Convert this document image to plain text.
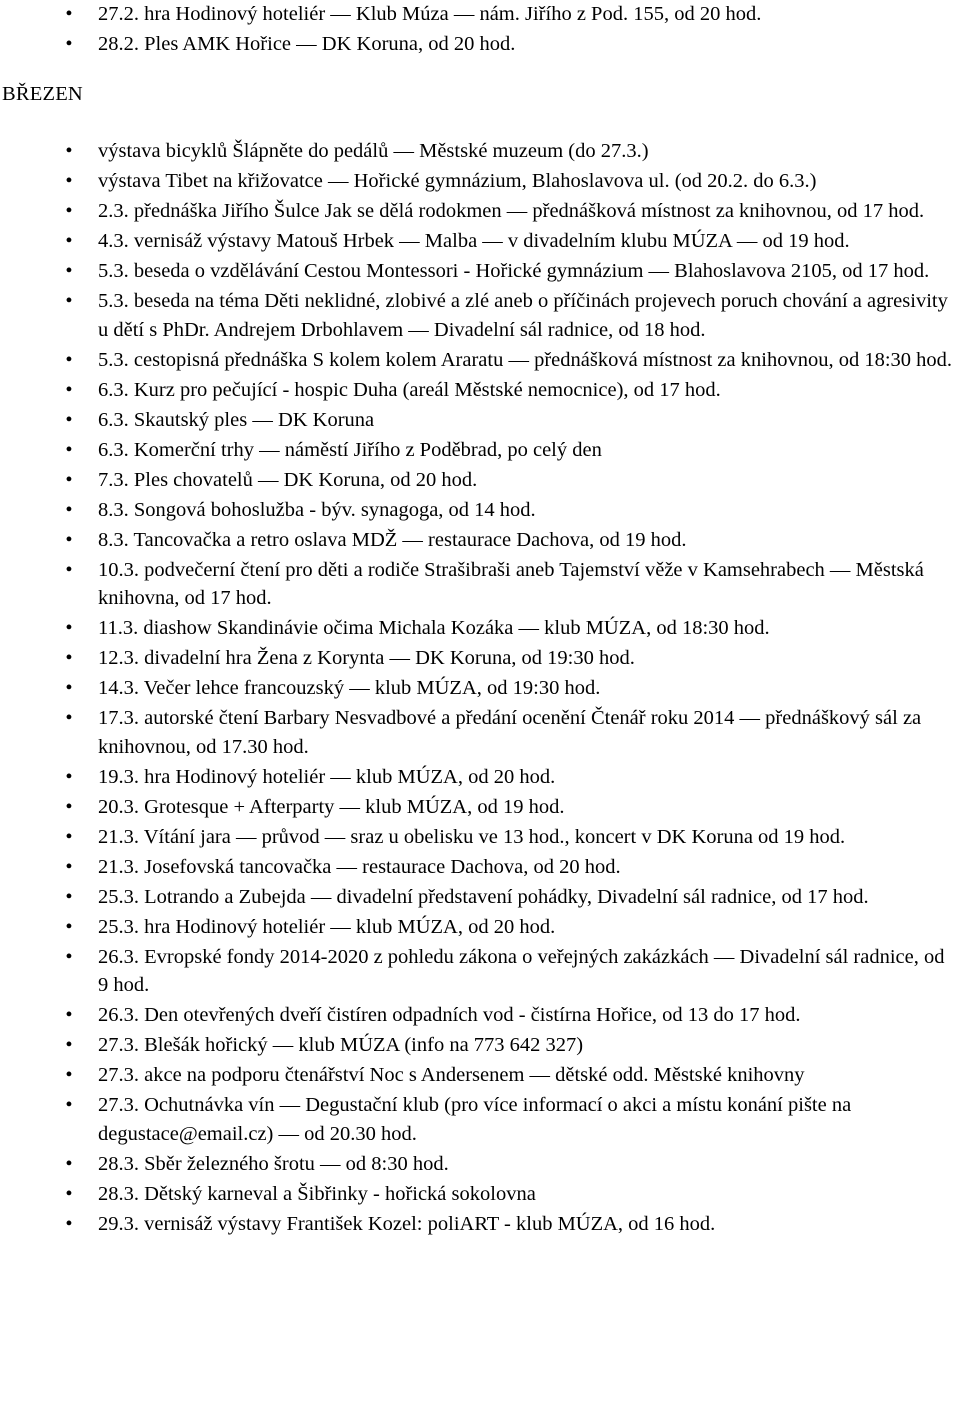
• 27.2. hra Hodinový hoteliér — Klub Múza — nám. Jiřího z Pod. 155, od 20 hod.
• 28.2. Ples AMK Hořice — DK Koruna, od 20 hod.
BŘEZEN
• výstava bicyklů Šlápněte do pedálů — Městské muzeum (do 27.3.)
• výstava Tibet na křižovatce — Hořické gymnázium, Blahoslavova ul. (od 20.2. do 6.3.)
• 2.3. přednáška Jiřího Šulce Jak se dělá rodokmen — přednášková místnost za knihovnou, od 17 hod.
• 4.3. vernisáž výstavy Matouš Hrbek — Malba — v divadelním klubu MÚZA — od 19 hod.
• 5.3. beseda o vzdělávání Cestou Montessori - Hořické gymnázium — Blahoslavova 2105, od 17 hod.
• 5.3. beseda na téma Děti neklidné, zlobivé a zlé aneb o příčinách projevech poruch chování a agresivity u dětí s PhDr. Andrejem Drbohlavem — Divadelní sál radnice, od 18 hod.
• 5.3. cestopisná přednáška S kolem kolem Araratu — přednášková místnost za knihovnou, od 18:30 hod.
• 6.3. Kurz pro pečující - hospic Duha (areál Městské nemocnice), od 17 hod.
• 6.3. Skautský ples — DK Koruna
• 6.3. Komerční trhy — náměstí Jiřího z Poděbrad, po celý den
• 7.3. Ples chovatelů — DK Koruna, od 20 hod.
• 8.3. Songová bohoslužba - býv. synagoga, od 14 hod.
• 8.3. Tancovačka a retro oslava MDŽ — restaurace Dachova, od 19 hod.
• 10.3. podvečerní čtení pro děti a rodiče Strašibraši aneb Tajemství věže v Kamsehrabech — Městská knihovna, od 17 hod.
• 11.3. diashow Skandinávie očima Michala Kozáka — klub MÚZA, od 18:30 hod.
• 12.3. divadelní hra Žena z Korynta — DK Koruna, od 19:30 hod.
• 14.3. Večer lehce francouzský — klub MÚZA, od 19:30 hod.
• 17.3. autorské čtení Barbary Nesvadbové a předání ocenění Čtenář roku 2014 — přednáškový sál za knihovnou, od 17.30 hod.
• 19.3. hra Hodinový hoteliér — klub MÚZA, od 20 hod.
• 20.3. Grotesque + Afterparty — klub MÚZA, od 19 hod.
• 21.3. Vítání jara — průvod — sraz u obelisku ve 13 hod., koncert v DK Koruna od 19 hod.
• 21.3. Josefovská tancovačka — restaurace Dachova, od 20 hod.
• 25.3. Lotrando a Zubejda — divadelní představení pohádky, Divadelní sál radnice, od 17 hod.
• 25.3. hra Hodinový hoteliér — klub MÚZA, od 20 hod.
• 26.3. Evropské fondy 2014-2020 z pohledu zákona o veřejných zakázkách — Divadelní sál radnice, od 9 hod.
• 26.3. Den otevřených dveří čistíren odpadních vod - čistírna Hořice, od 13 do 17 hod.
• 27.3. Blešák hořický — klub MÚZA (info na 773 642 327)
• 27.3. akce na podporu čtenářství Noc s Andersenem — dětské odd. Městské knihovny
• 27.3. Ochutnávka vín — Degustační klub (pro více informací o akci a místu konání pište na degustace@email.cz) — od 20.30 hod.
• 28.3. Sběr železného šrotu — od 8:30 hod.
• 28.3. Dětský karneval a Šibřinky - hořická sokolovna
• 29.3. vernisáž výstavy František Kozel: poliART - klub MÚZA, od 16 hod.
